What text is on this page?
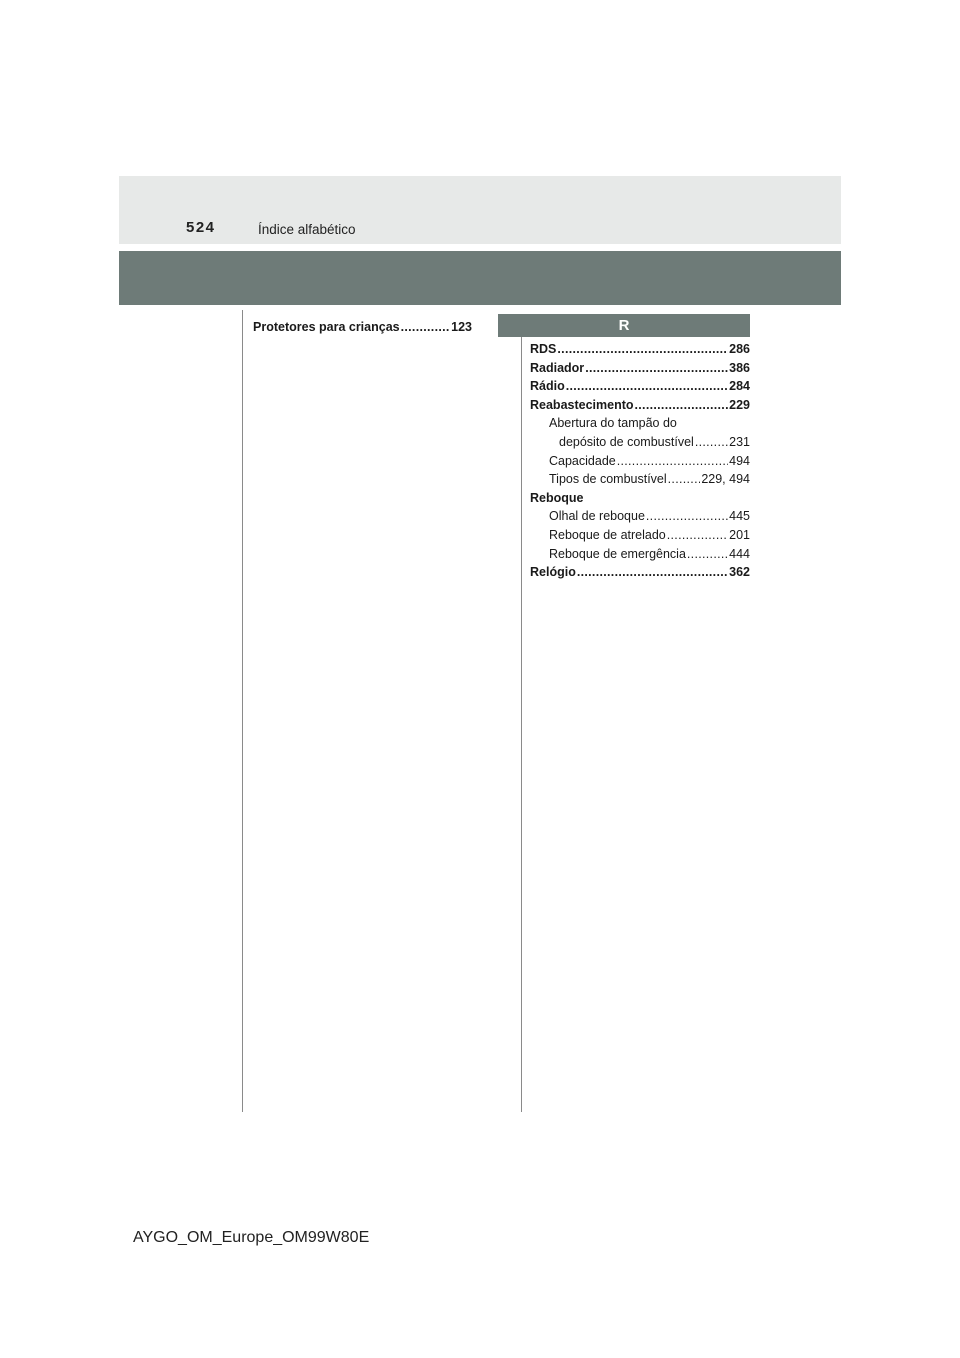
524	Índice alfabético
Protetores para crianças .....	123	R
RDS .....	286
Radiador .....	386
Rádio .....	284
Reabastecimento .....	229
Abertura do tampão do
depósito de combustível .....	231
Capacidade .....	494
Tipos de combustível .....	229, 494
Reboque
Olhal de reboque .....	445
Reboque de atrelado .....	201
Reboque de emergência .....	444
Relógio .....	362
AYGO_OM_Europe_OM99W80E
